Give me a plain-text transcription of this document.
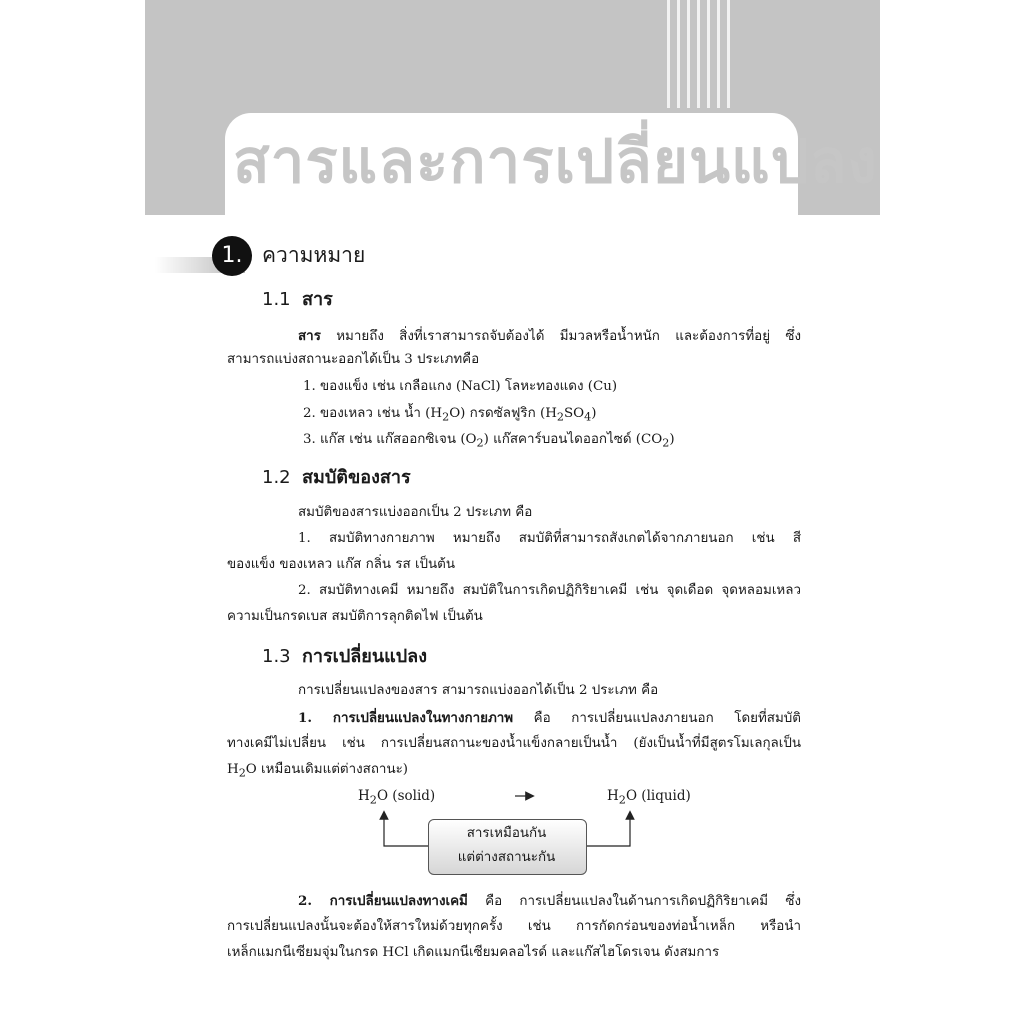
สารและการเปลี่ยนแปลง
1. ความหมาย
1.1 สาร
สาร หมายถึง สิ่งที่เราสามารถจับต้องได้ มีมวลหรือน้ำหนัก และต้องการที่อยู่ ซึ่ง
สามารถแบ่งสถานะออกได้เป็น 3 ประเภทคือ
1. ของแข็ง เช่น เกลือแกง (NaCl) โลหะทองแดง (Cu)
2. ของเหลว เช่น น้ำ $(H_2O)$ กรดซัลฟูริก $(H_2SO_4)$
3. แก๊ส เช่น แก๊สออกซิเจน $(O_2)$ แก๊สคาร์บอนไดออกไซด์ $(CO_2)$
1.2 สมบัติของสาร
สมบัติของสารแบ่งออกเป็น 2 ประเภท คือ
1. สมบัติทางกายภาพ หมายถึง สมบัติที่สามารถสังเกตได้จากภายนอก เช่น สี
ของแข็ง ของเหลว แก๊ส กลิ่น รส เป็นต้น
2. สมบัติทางเคมี หมายถึง สมบัติในการเกิดปฏิกิริยาเคมี เช่น จุดเดือด จุดหลอมเหลว
ความเป็นกรดเบส สมบัติการลุกติดไฟ เป็นต้น
1.3 การเปลี่ยนแปลง
การเปลี่ยนแปลงของสาร สามารถแบ่งออกได้เป็น 2 ประเภท คือ
1. การเปลี่ยนแปลงในทางกายภาพ คือ การเปลี่ยนแปลงภายนอก โดยที่สมบัติ
ทางเคมีไม่เปลี่ยน เช่น การเปลี่ยนสถานะของน้ำแข็งกลายเป็นน้ำ (ยังเป็นน้ำที่มีสูตรโมเลกุลเป็น
$H_2O$ เหมือนเดิมแต่ต่างสถานะ)
$H_2O$ (solid)	$H_2O$ (liquid)
สารเหมือนกัน
แต่ต่างสถานะกัน
2. การเปลี่ยนแปลงทางเคมี คือ การเปลี่ยนแปลงในด้านการเกิดปฏิกิริยาเคมี ซึ่ง
การเปลี่ยนแปลงนั้นจะต้องให้สารใหม่ด้วยทุกครั้ง เช่น การกัดกร่อนของท่อน้ำเหล็ก หรือนำ
เหล็กแมกนีเซียมจุ่มในกรด HCl เกิดแมกนีเซียมคลอไรด์ และแก๊สไฮโดรเจน ดังสมการ
